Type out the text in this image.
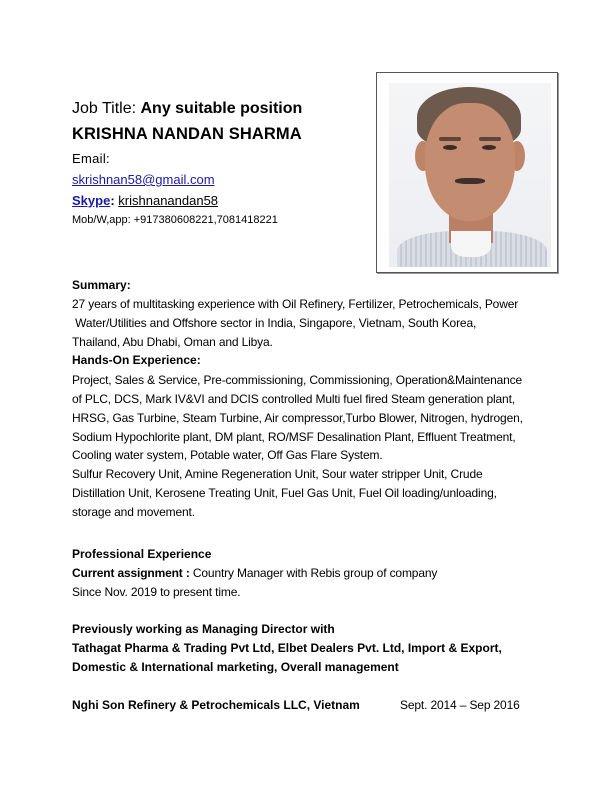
Job Title: Any suitable position
KRISHNA NANDAN SHARMA
Email:
skrishnan58@gmail.com
Skype: krishnanandan58
Mob/W,app: +917380608221,7081418221
Summary:
27 years of multitasking experience with Oil Refinery, Fertilizer, Petrochemicals, Power
Water/Utilities and Offshore sector in India, Singapore, Vietnam, South Korea,
Thailand, Abu Dhabi, Oman and Libya.
Hands-On Experience:
Project, Sales & Service, Pre-commissioning, Commissioning, Operation&Maintenance
of PLC, DCS, Mark IV&VI and DCIS controlled Multi fuel fired Steam generation plant,
HRSG, Gas Turbine, Steam Turbine, Air compressor,Turbo Blower, Nitrogen, hydrogen,
Sodium Hypochlorite plant, DM plant, RO/MSF Desalination Plant, Effluent Treatment,
Cooling water system, Potable water, Off Gas Flare System.
Sulfur Recovery Unit, Amine Regeneration Unit, Sour water stripper Unit, Crude
Distillation Unit, Kerosene Treating Unit, Fuel Gas Unit, Fuel Oil loading/unloading,
storage and movement.
Professional Experience
Current assignment : Country Manager with Rebis group of company
Since Nov. 2019 to present time.
Previously working as Managing Director with
Tathagat Pharma & Trading Pvt Ltd, Elbet Dealers Pvt. Ltd, Import & Export,
Domestic & International marketing, Overall management
Nghi Son Refinery & Petrochemicals LLC, Vietnam	Sept. 2014 – Sep 2016
